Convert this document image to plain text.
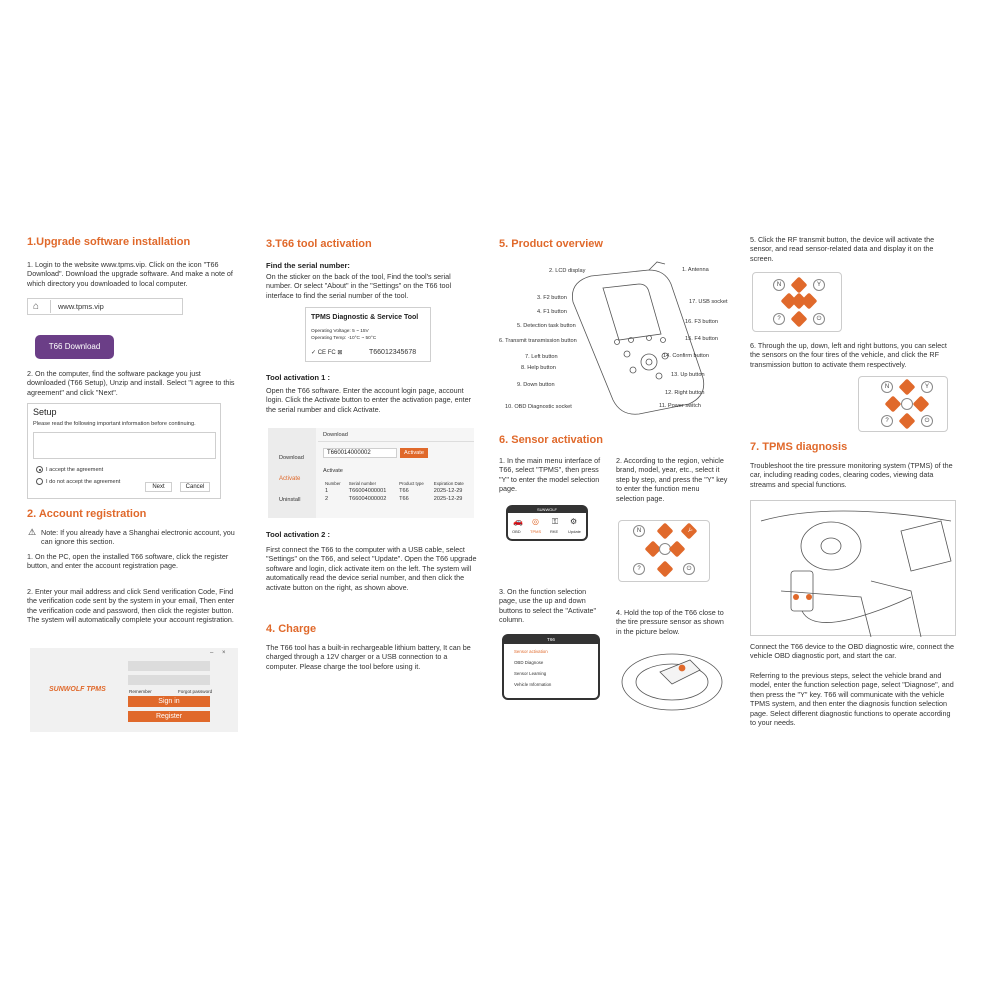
1.Upgrade software installation
1. Login to the website www.tpms.vip. Click on the icon "T66 Download". Download the upgrade software. And make a note of which directory you downloaded to local computer.
⌂	www.tpms.vip
T66 Download
2. On the computer, find the software package you just downloaded (T66 Setup), Unzip and install. Select "I agree to this agreement" and click "Next".
Setup
Please read the following important information before continuing.
I accept the agreement
I do not accept the agreement
Next	Cancel
2. Account registration
⚠ Note: If you already have a Shanghai electronic account, you can ignore this section.
1. On the PC, open the installed T66 software, click the register button, and enter the account registration page.
2. Enter your mail address and click Send verification Code, Find the verification code sent by the system in your email, Then enter the verification code and password, then click the register button. The system will automatically complete your account registration.
– ×
SUNWOLF TPMS	Remember	Forgot password
Sign in
Register
3.T66 tool activation
Find the serial number:
On the sticker on the back of the tool, Find the tool's serial number. Or select "About" in the "Settings" on the T66 tool interface to find the serial number of the tool.
TPMS Diagnostic & Service Tool
Operating Voltage: 5 ~ 15V
Operating Temp: -10°C ~ 50°C
✓ CE FC ⊠	T66012345678
Tool activation 1 :
Open the T66 software. Enter the account login page, account login. Click the Activate button to enter the activation page, enter the serial number and click Activate.
Download
Download
Activate
Uninstall
T660014000002	Activate
Activate
Number	Serial number	Product type	Expiration Date
1	T66004000001	T66	2025-12-29
2	T66004000002	T66	2025-12-29
Tool activation 2 :
First connect the T66 to the computer with a USB cable, select "Settings" on the T66, and select "Update". Open the T66 upgrade software and login, click activate item on the left. The system will automatically read the device serial number, and then click the activate button on the right, as shown above.
4. Charge
The T66 tool has a built-in rechargeable lithium battery, It can be charged through a 12V charger or a USB connection to a computer. Please charge the tool before using it.
5. Product overview
2. LCD display
3. F2 button
4. F1 button
5. Detection task button
6. Transmit transmission button
7. Left button
8. Help button
9. Down button
10. OBD Diagnostic socket
1. Antenna
17. USB socket
16. F3 button
15. F4 button
14. Confirm button
13. Up button
12. Right button
11. Power switch
6. Sensor activation
1. In the main menu interface of T66, select "TPMS", then press "Y" to enter the model selection page.
2. According to the region, vehicle brand, model, year, etc., select it step by step, and press the "Y" key to enter the function menu selection page.
SUNWOLF
OBD TPMS RKE Update
🚗 ◎ ⚿ ⚙
N	Y
?	⏻
3. On the function selection page, use the up and down buttons to select the "Activate" column.
4. Hold the top of the T66 close to the tire pressure sensor as shown in the picture below.
T66
Sensor activation
OBD Diagnose
Sensor Learning
Vehicle Information
5. Click the RF transmit button, the device will activate the sensor, and read sensor-related data and display it on the screen.
N	Y
?	⏻
6. Through the up, down, left and right buttons, you can select the sensors on the four tires of the vehicle, and click the RF transmission button to activate them respectively.
N	Y
?	⏻
7. TPMS diagnosis
Troubleshoot the tire pressure monitoring system (TPMS) of the car, including reading codes, clearing codes, viewing data streams and special functions.
Connect the T66 device to the OBD diagnostic wire, connect the vehicle OBD diagnostic port, and start the car.
Referring to the previous steps, select the vehicle brand and model, enter the function selection page, select "Diagnose", and then press the "Y" key. T66 will communicate with the vehicle TPMS system, and then enter the diagnosis function selection page. Select different diagnostic functions to operate according to your needs.
